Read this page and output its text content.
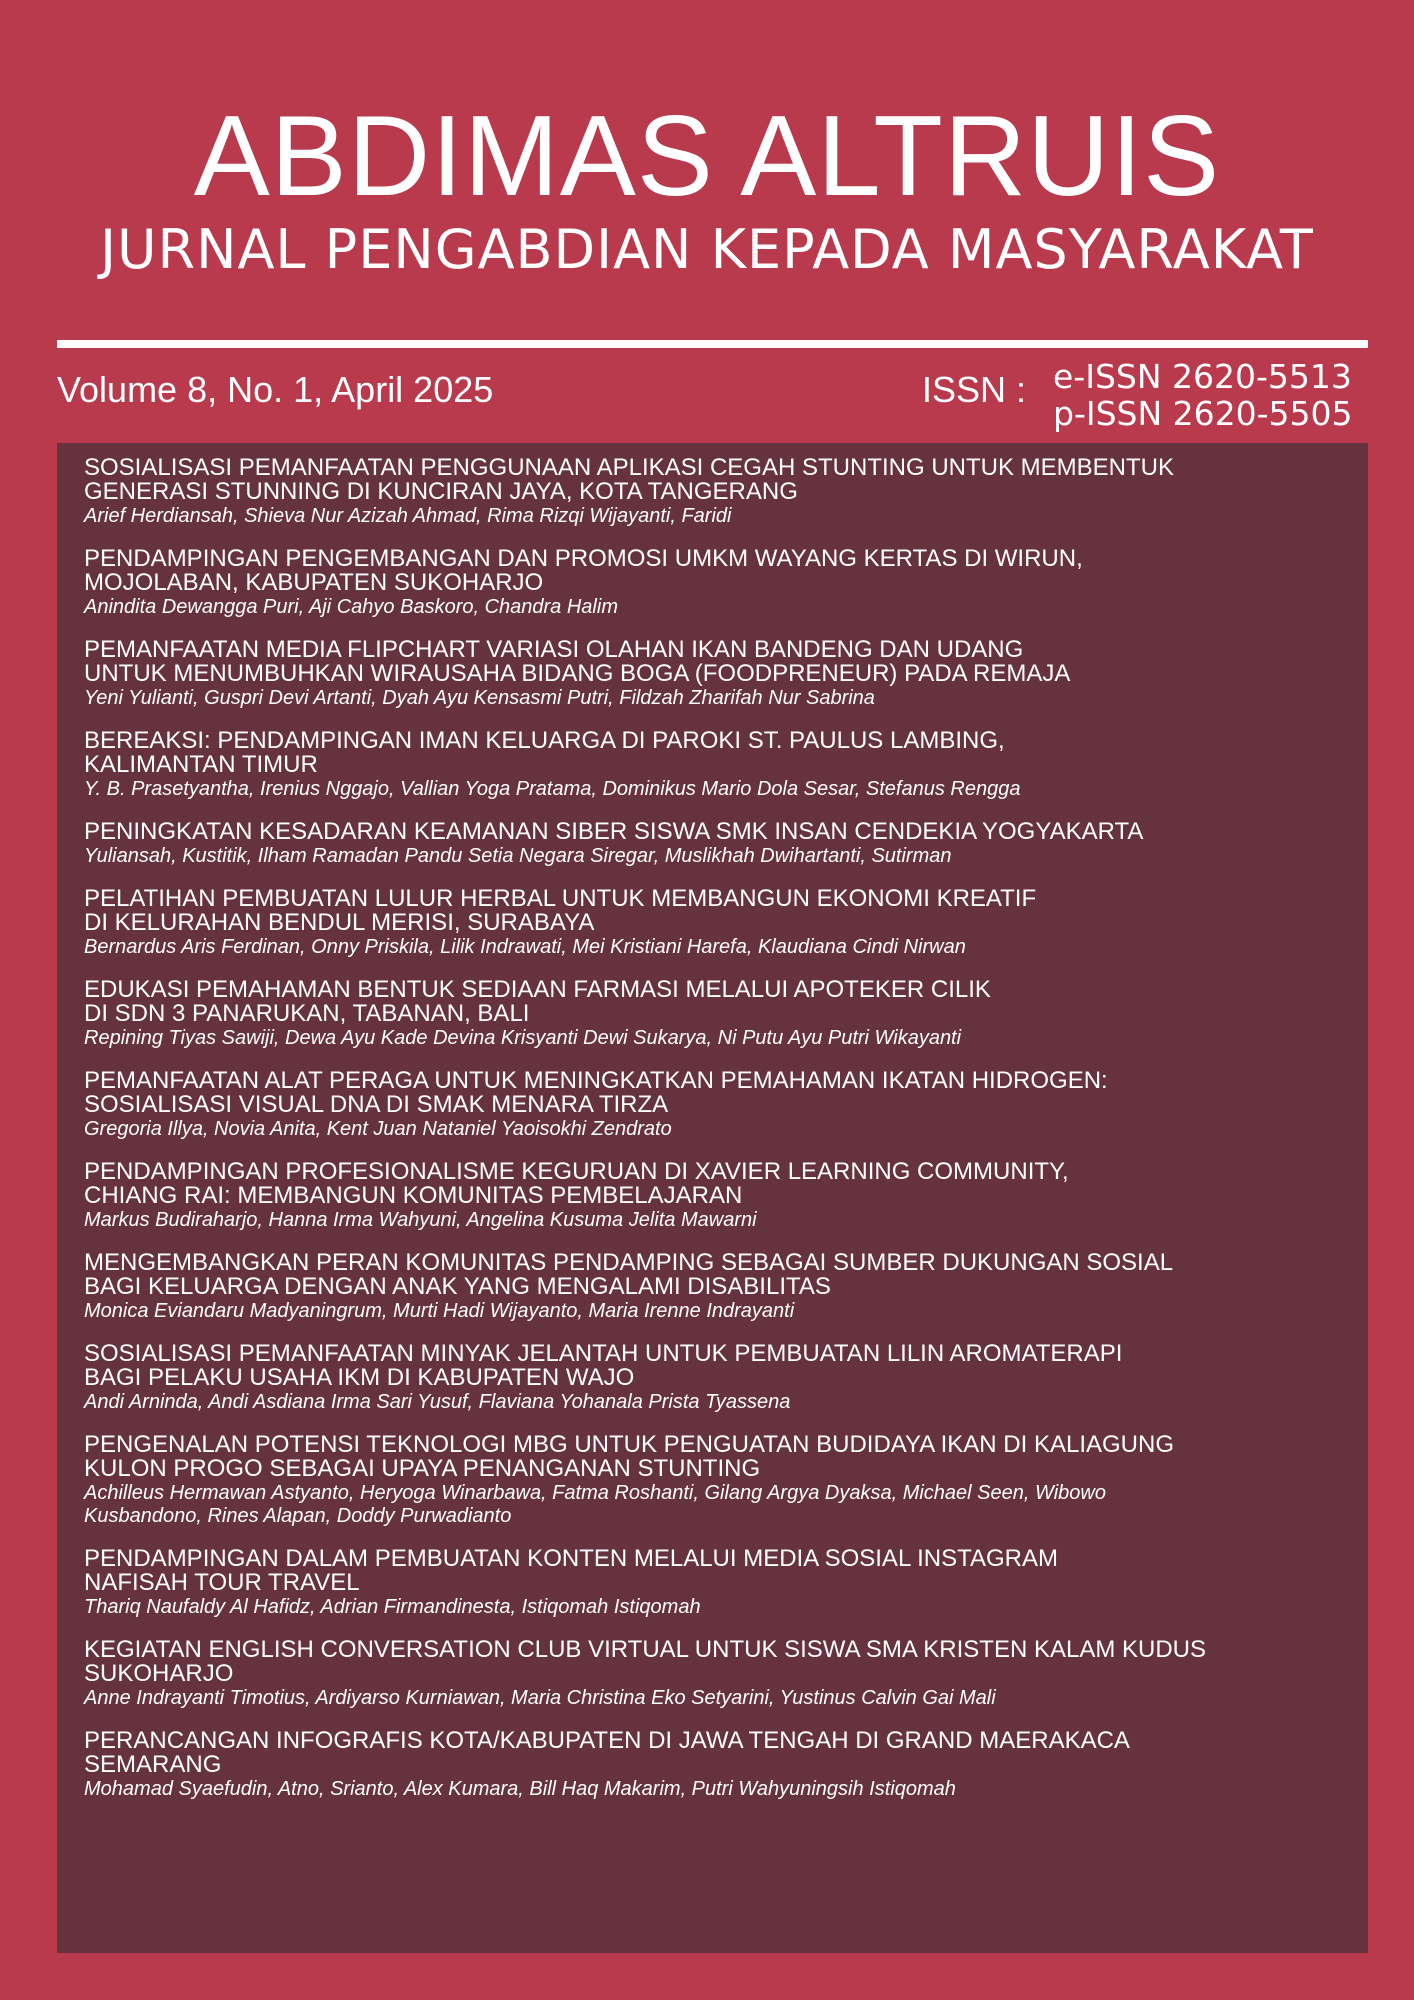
ABDIMAS ALTRUIS
JURNAL PENGABDIAN KEPADA MASYARAKAT
Volume 8, No. 1, April 2025	ISSN : e-ISSN 2620-5513
p-ISSN 2620-5505
SOSIALISASI PEMANFAATAN PENGGUNAAN APLIKASI CEGAH STUNTING UNTUK MEMBENTUK
GENERASI STUNNING DI KUNCIRAN JAYA, KOTA TANGERANG
Arief Herdiansah, Shieva Nur Azizah Ahmad, Rima Rizqi Wijayanti, Faridi
PENDAMPINGAN PENGEMBANGAN DAN PROMOSI UMKM WAYANG KERTAS DI WIRUN,
MOJOLABAN, KABUPATEN SUKOHARJO
Anindita Dewangga Puri, Aji Cahyo Baskoro, Chandra Halim
PEMANFAATAN MEDIA FLIPCHART VARIASI OLAHAN IKAN BANDENG DAN UDANG
UNTUK MENUMBUHKAN WIRAUSAHA BIDANG BOGA (FOODPRENEUR) PADA REMAJA
Yeni Yulianti, Guspri Devi Artanti, Dyah Ayu Kensasmi Putri, Fildzah Zharifah Nur Sabrina
BEREAKSI: PENDAMPINGAN IMAN KELUARGA DI PAROKI ST. PAULUS LAMBING,
KALIMANTAN TIMUR
Y. B. Prasetyantha, Irenius Nggajo, Vallian Yoga Pratama, Dominikus Mario Dola Sesar, Stefanus Rengga
PENINGKATAN KESADARAN KEAMANAN SIBER SISWA SMK INSAN CENDEKIA YOGYAKARTA
Yuliansah, Kustitik, Ilham Ramadan Pandu Setia Negara Siregar, Muslikhah Dwihartanti, Sutirman
PELATIHAN PEMBUATAN LULUR HERBAL UNTUK MEMBANGUN EKONOMI KREATIF
DI KELURAHAN BENDUL MERISI, SURABAYA
Bernardus Aris Ferdinan, Onny Priskila, Lilik Indrawati, Mei Kristiani Harefa, Klaudiana Cindi Nirwan
EDUKASI PEMAHAMAN BENTUK SEDIAAN FARMASI MELALUI APOTEKER CILIK
DI SDN 3 PANARUKAN, TABANAN, BALI
Repining Tiyas Sawiji, Dewa Ayu Kade Devina Krisyanti Dewi Sukarya, Ni Putu Ayu Putri Wikayanti
PEMANFAATAN ALAT PERAGA UNTUK MENINGKATKAN PEMAHAMAN IKATAN HIDROGEN:
SOSIALISASI VISUAL DNA DI SMAK MENARA TIRZA
Gregoria Illya, Novia Anita, Kent Juan Nataniel Yaoisokhi Zendrato
PENDAMPINGAN PROFESIONALISME KEGURUAN DI XAVIER LEARNING COMMUNITY,
CHIANG RAI: MEMBANGUN KOMUNITAS PEMBELAJARAN
Markus Budiraharjo, Hanna Irma Wahyuni, Angelina Kusuma Jelita Mawarni
MENGEMBANGKAN PERAN KOMUNITAS PENDAMPING SEBAGAI SUMBER DUKUNGAN SOSIAL
BAGI KELUARGA DENGAN ANAK YANG MENGALAMI DISABILITAS
Monica Eviandaru Madyaningrum, Murti Hadi Wijayanto, Maria Irenne Indrayanti
SOSIALISASI PEMANFAATAN MINYAK JELANTAH UNTUK PEMBUATAN LILIN AROMATERAPI
BAGI PELAKU USAHA IKM DI KABUPATEN WAJO
Andi Arninda, Andi Asdiana Irma Sari Yusuf, Flaviana Yohanala Prista Tyassena
PENGENALAN POTENSI TEKNOLOGI MBG UNTUK PENGUATAN BUDIDAYA IKAN DI KALIAGUNG
KULON PROGO SEBAGAI UPAYA PENANGANAN STUNTING
Achilleus Hermawan Astyanto, Heryoga Winarbawa, Fatma Roshanti, Gilang Argya Dyaksa, Michael Seen, Wibowo
Kusbandono, Rines Alapan, Doddy Purwadianto
PENDAMPINGAN DALAM PEMBUATAN KONTEN MELALUI MEDIA SOSIAL INSTAGRAM
NAFISAH TOUR TRAVEL
Thariq Naufaldy Al Hafidz, Adrian Firmandinesta, Istiqomah Istiqomah
KEGIATAN ENGLISH CONVERSATION CLUB VIRTUAL UNTUK SISWA SMA KRISTEN KALAM KUDUS
SUKOHARJO
Anne Indrayanti Timotius, Ardiyarso Kurniawan, Maria Christina Eko Setyarini, Yustinus Calvin Gai Mali
PERANCANGAN INFOGRAFIS KOTA/KABUPATEN DI JAWA TENGAH DI GRAND MAERAKACA
SEMARANG
Mohamad Syaefudin, Atno, Srianto, Alex Kumara, Bill Haq Makarim, Putri Wahyuningsih Istiqomah
